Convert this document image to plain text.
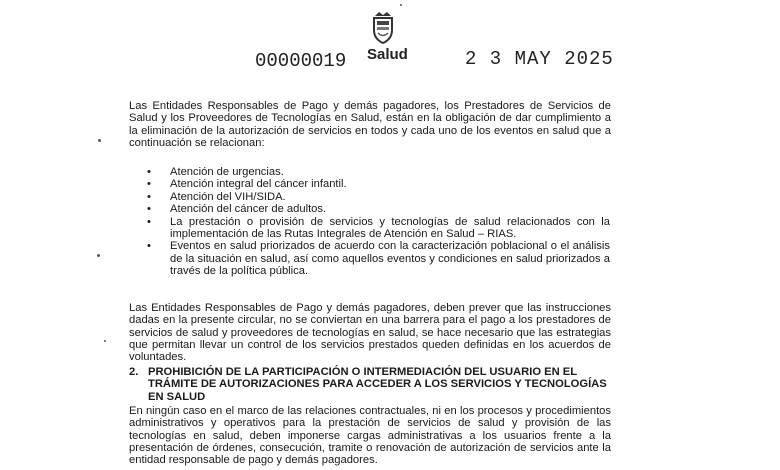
00000019 Salud	2 3 MAY 2025

Las Entidades Responsables de Pago y demás pagadores, los Prestadores de Servicios de Salud y los Proveedores de Tecnologías en Salud, están en la obligación de dar cumplimiento a la eliminación de la autorización de servicios en todos y cada uno de los eventos en salud que a continuación se relacionan:

• Atención de urgencias.
• Atención integral del cáncer infantil.
• Atención del VIH/SIDA.
• Atención del cáncer de adultos.
• La prestación o provisión de servicios y tecnologías de salud relacionados con la implementación de las Rutas Integrales de Atención en Salud – RIAS.
• Eventos en salud priorizados de acuerdo con la caracterización poblacional o el análisis de la situación en salud, así como aquellos eventos y condiciones en salud priorizados a través de la política pública.

Las Entidades Responsables de Pago y demás pagadores, deben prever que las instrucciones dadas en la presente circular, no se conviertan en una barrera para el pago a los prestadores de servicios de salud y proveedores de tecnologías en salud, se hace necesario que las estrategias que permitan llevar un control de los servicios prestados queden definidas en los acuerdos de voluntades.

2. PROHIBICIÓN DE LA PARTICIPACIÓN O INTERMEDIACIÓN DEL USUARIO EN EL TRÁMITE DE AUTORIZACIONES PARA ACCEDER A LOS SERVICIOS Y TECNOLOGÍAS EN SALUD

En ningún caso en el marco de las relaciones contractuales, ni en los procesos y procedimientos administrativos y operativos para la prestación de servicios de salud y provisión de las tecnologías en salud, deben imponerse cargas administrativas a los usuarios frente a la presentación de órdenes, consecución, tramite o renovación de autorización de servicios ante la entidad responsable de pago y demás pagadores.
